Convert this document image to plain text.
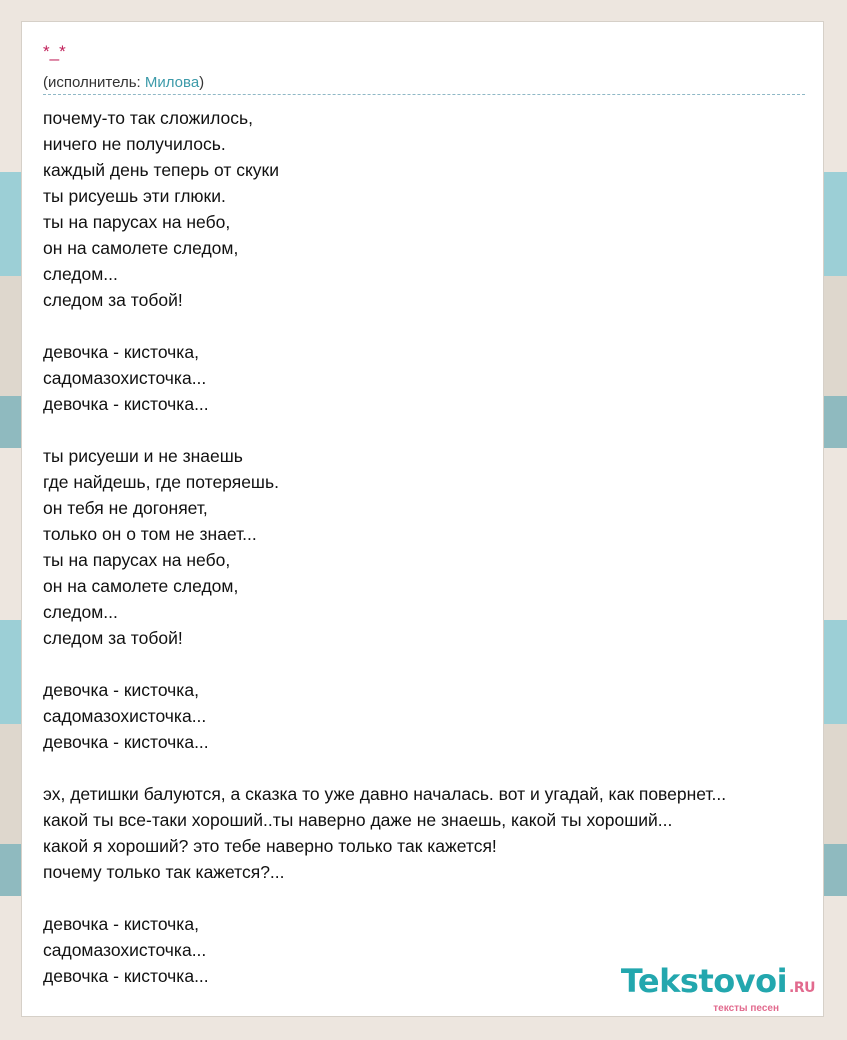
*_*
(исполнитель: Милова)
почему-то так сложилось,
ничего не получилось.
каждый день теперь от скуки
ты рисуешь эти глюки.
ты на парусах на небо,
он на самолете следом,
следом...
следом за тобой!

девочка - кисточка,
садомазохисточка...
девочка - кисточка...

ты рисуеши и не знаешь
где найдешь, где потеряешь.
он тебя не догоняет,
только он о том не знает...
ты на парусах на небо,
он на самолете следом,
следом...
следом за тобой!

девочка - кисточка,
садомазохисточка...
девочка - кисточка...

эх, детишки балуются, а сказка то уже давно началась. вот и угадай, как повернет...
какой ты все-таки хороший..ты наверно даже не знаешь, какой ты хороший...
какой я хороший? это тебе наверно только так кажется!
почему только так кажется?...

девочка - кисточка,
садомазохисточка...
девочка - кисточка...	Tekstovoi .RU
тексты песен
